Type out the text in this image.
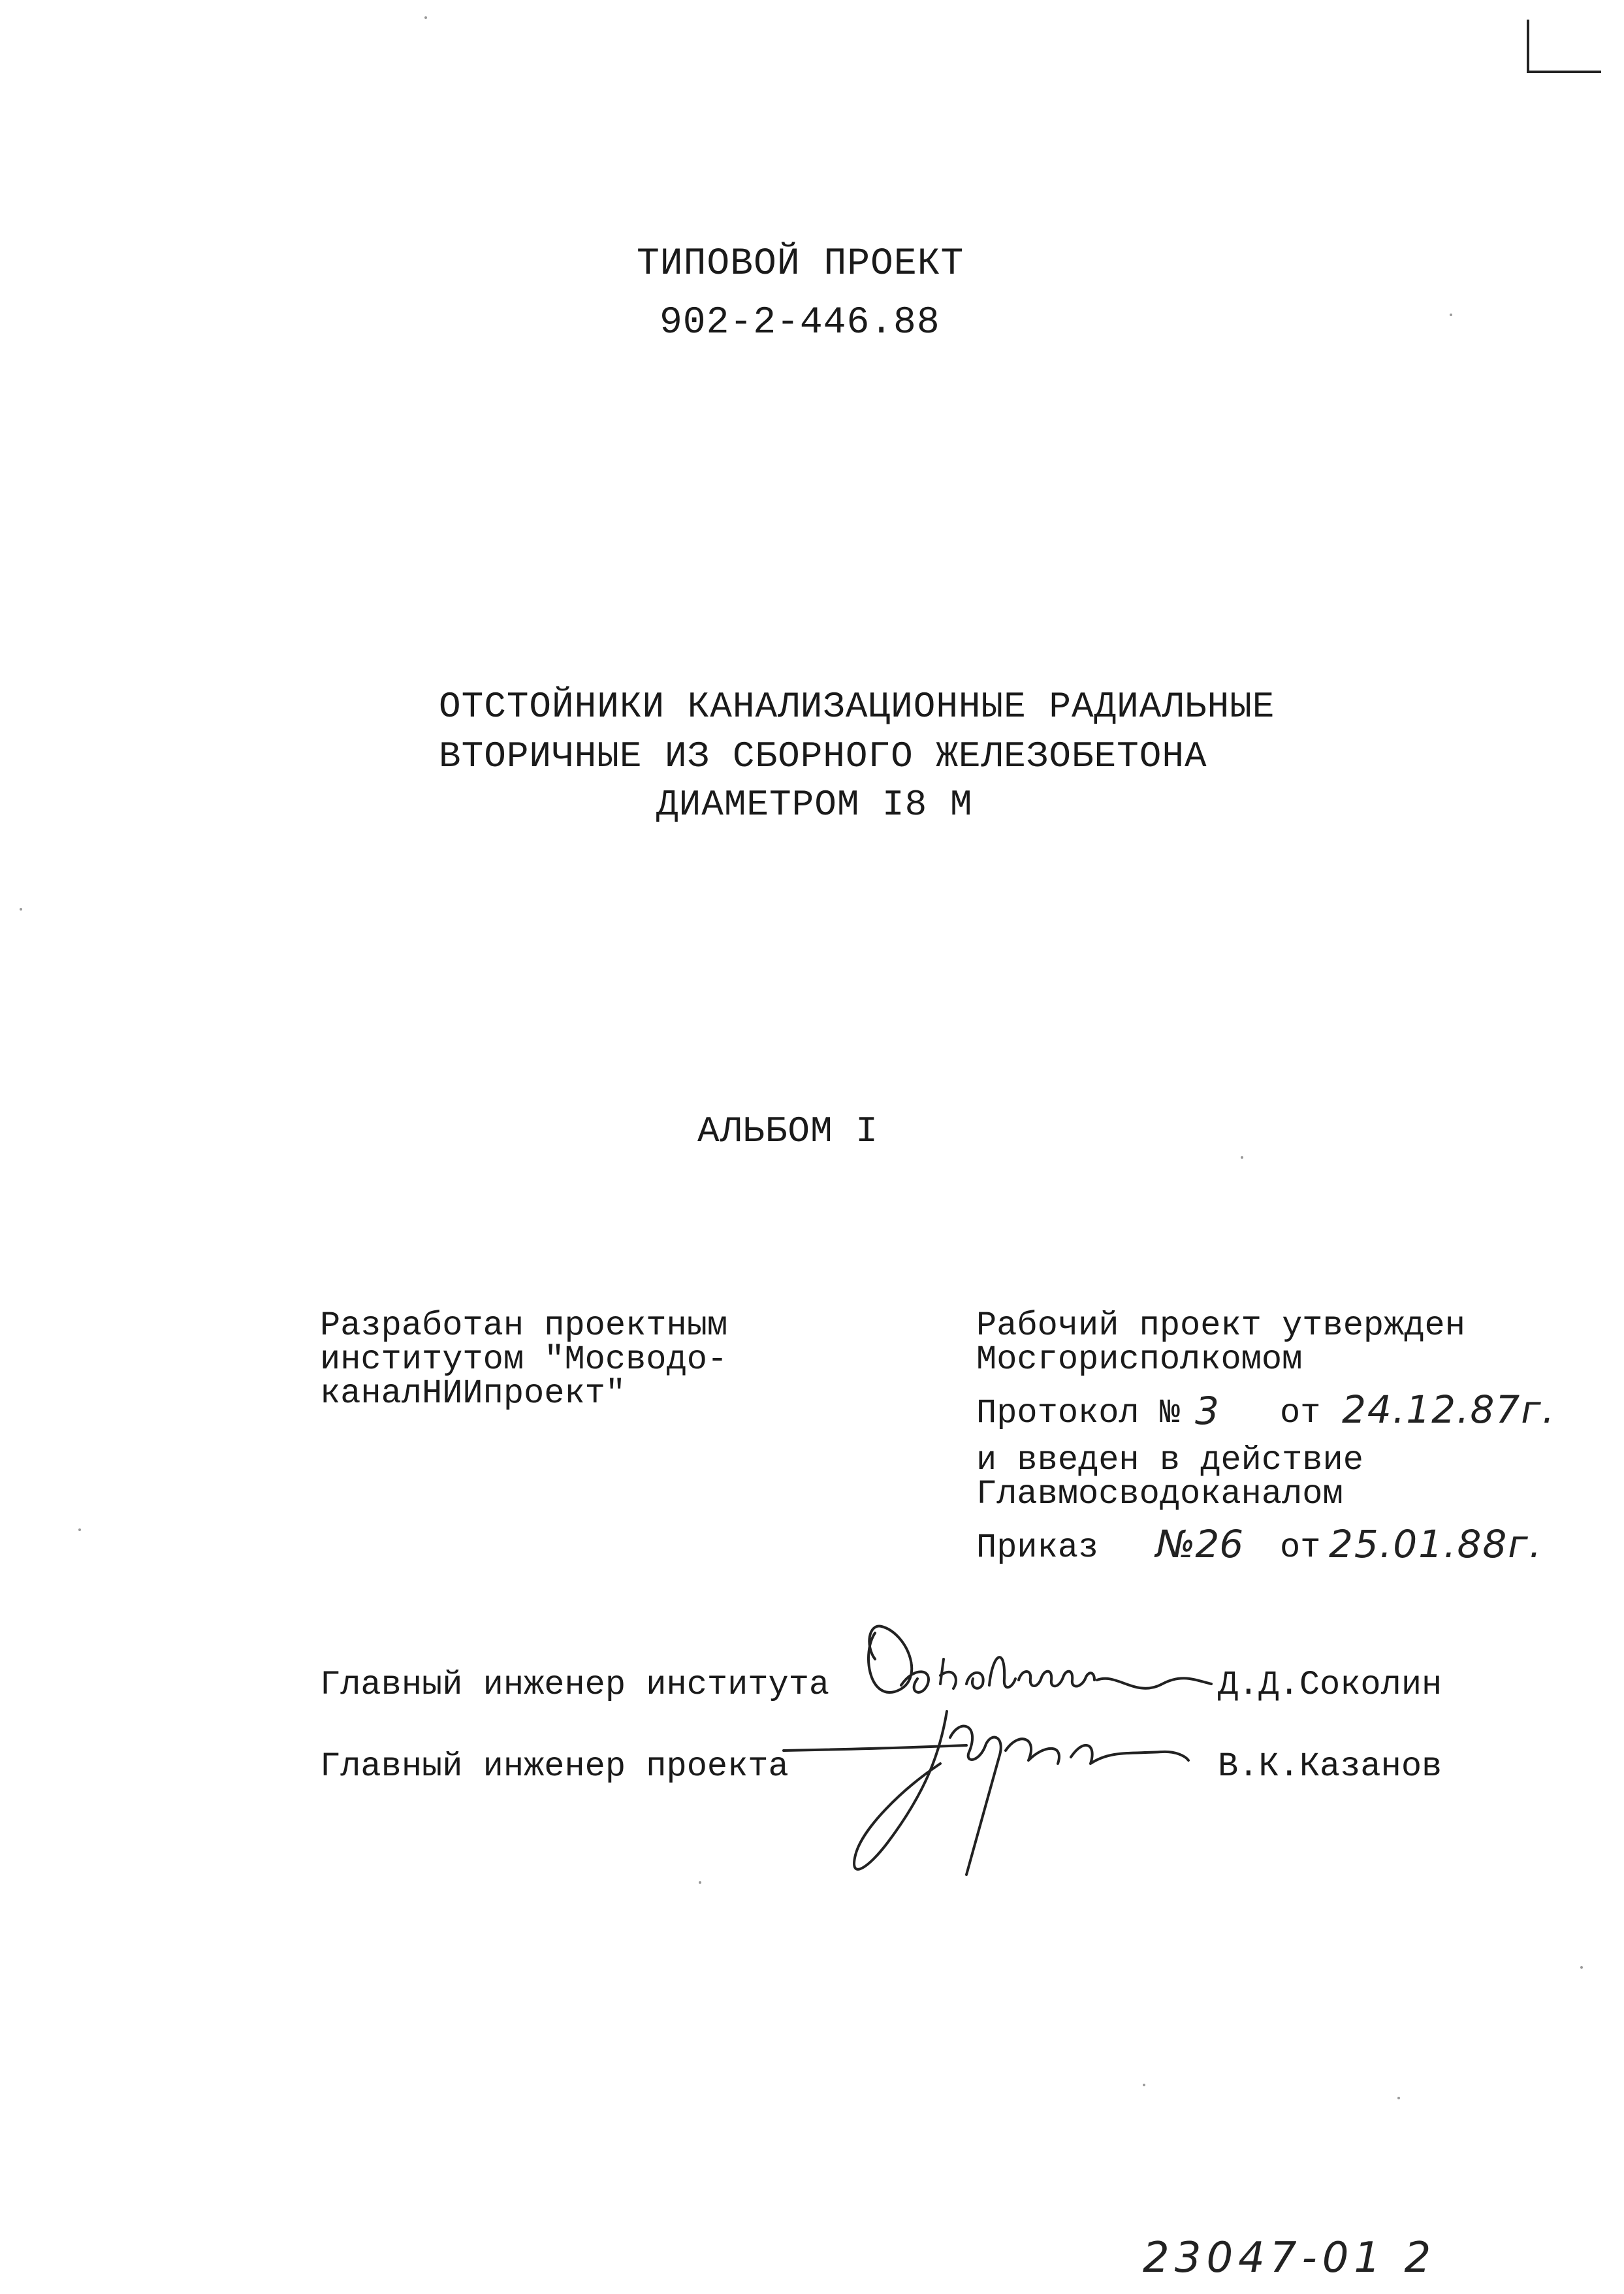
ТИПОВОЙ ПРОЕКТ
902-2-446.88
ОТСТОЙНИКИ КАНАЛИЗАЦИОННЫЕ РАДИАЛЬНЫЕ
ВТОРИЧНЫЕ ИЗ СБОРНОГО ЖЕЛЕЗОБЕТОНА
ДИАМЕТРОМ I8 М
АЛЬБОМ I
Разработан проектным
институтом "Мосводо-
каналНИИпроект"
Рабочий проект утвержден
Мосгорисполкомом
Протокол № 3 от 24.12.87г.
и введен в действие
Главмосводоканалом
Приказ №26 от 25.01.88г.
Главный инженер института	Д.Д.Соколин
Главный инженер проекта	В.К.Казанов
23047-01 2
